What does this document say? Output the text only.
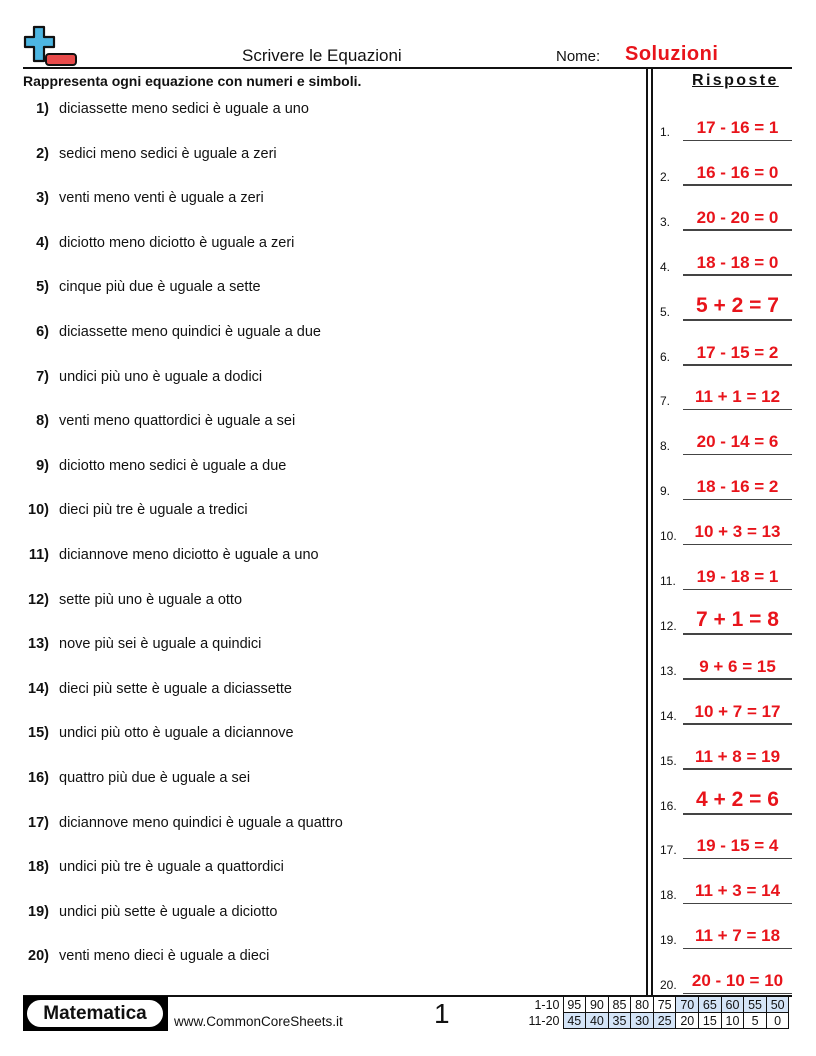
Scrivere le Equazioni	Nome: Soluzioni
Rappresenta ogni equazione con numeri e simboli.	Risposte
1) diciassette meno sedici è uguale a uno
2) sedici meno sedici è uguale a zeri
3) venti meno venti è uguale a zeri
4) diciotto meno diciotto è uguale a zeri
5) cinque più due è uguale a sette
6) diciassette meno quindici è uguale a due
7) undici più uno è uguale a dodici
8) venti meno quattordici è uguale a sei
9) diciotto meno sedici è uguale a due
10) dieci più tre è uguale a tredici
11) diciannove meno diciotto è uguale a uno
12) sette più uno è uguale a otto
13) nove più sei è uguale a quindici
14) dieci più sette è uguale a diciassette
15) undici più otto è uguale a diciannove
16) quattro più due è uguale a sei
17) diciannove meno quindici è uguale a quattro
18) undici più tre è uguale a quattordici
19) undici più sette è uguale a diciotto
20) venti meno dieci è uguale a dieci
1.	17 - 16 = 1
2.	16 - 16 = 0
3.	20 - 20 = 0
4.	18 - 18 = 0
5.	5 + 2 = 7
6.	17 - 15 = 2
7.	11 + 1 = 12
8.	20 - 14 = 6
9.	18 - 16 = 2
10.	10 + 3 = 13
11.	19 - 18 = 1
12. 7 + 1 = 8
13.	9 + 6 = 15
14.	10 + 7 = 17
15.	11 + 8 = 19
16. 4 + 2 = 6
17.	19 - 15 = 4
18.	11 + 3 = 14
19.	11 + 7 = 18
20. 20 - 10 = 10
Matematica	www.CommonCoreSheets.it	1	1-10	95	90	85	80	75	70	65	60	55	50
11-20	45	40	35	30	25	20	15	10	5	0
